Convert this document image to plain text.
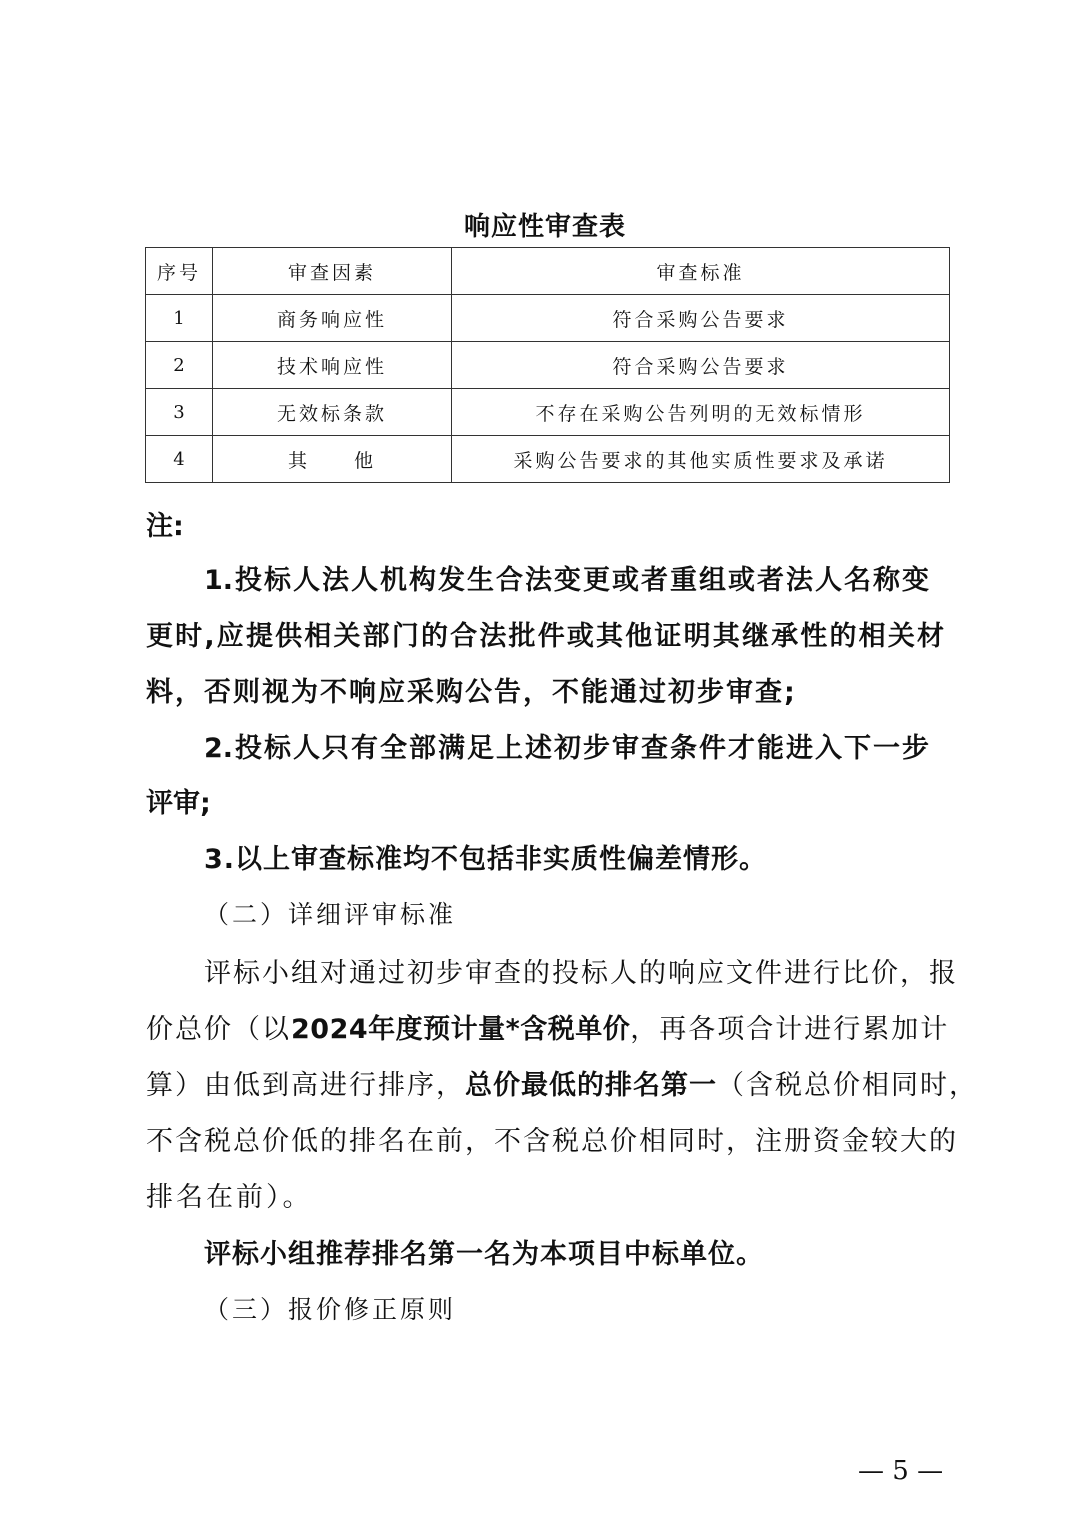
响应性审查表
序号	审查因素	审查标准
1	商务响应性	符合采购公告要求
2	技术响应性	符合采购公告要求
3	无效标条款	不存在采购公告列明的无效标情形
4	其　　他	采购公告要求的其他实质性要求及承诺
注:
1.投标人法人机构发生合法变更或者重组或者法人名称变
更时,应提供相关部门的合法批件或其他证明其继承性的相关材
料，否则视为不响应采购公告，不能通过初步审查;
2.投标人只有全部满足上述初步审查条件才能进入下一步
评审;
3.以上审查标准均不包括非实质性偏差情形。
（二）详细评审标准
评标小组对通过初步审查的投标人的响应文件进行比价，报
价总价（以 2024年度预计量*含税单价 ，再各项合计进行累加计
算）由低到高进行排序， 总价最低的排名第一 （含税总价相同时，
不含税总价低的排名在前，不含税总价相同时，注册资金较大的
排名在前）。
评标小组推荐排名第一名为本项目中标单位。
（三）报价修正原则
— 5 —
